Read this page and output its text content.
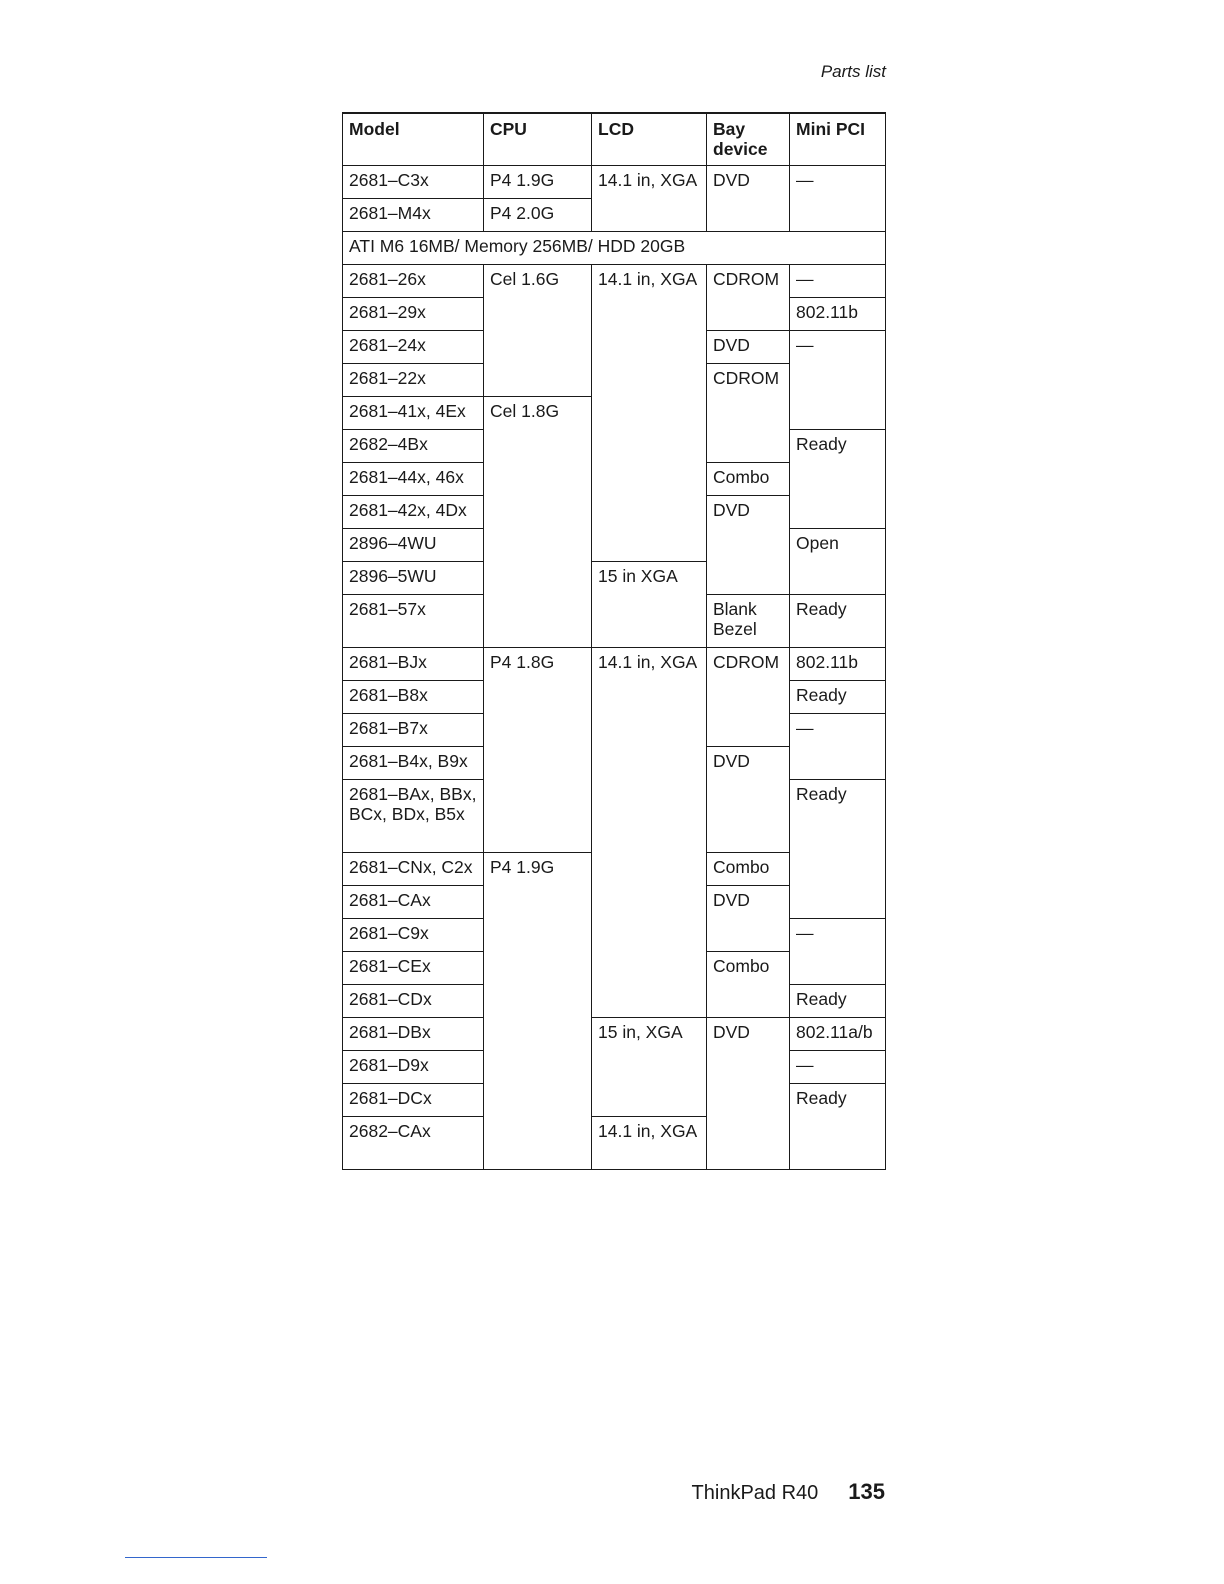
Parts list
Model	CPU	LCD	Bay device	Mini PCI
2681–C3x	P4 1.9G	14.1 in, XGA	DVD	—
2681–M4x	P4 2.0G			
ATI M6 16MB/ Memory 256MB/ HDD 20GB				
2681–26x	Cel 1.6G	14.1 in, XGA	CDROM	—
2681–29x				802.11b
2681–24x			DVD	—
2681–22x			CDROM	
2681–41x, 4Ex	Cel 1.8G			
2682–4Bx				Ready
2681–44x, 46x			Combo	
2681–42x, 4Dx			DVD	
2896–4WU				Open
2896–5WU		15 in XGA		
2681–57x			Blank Bezel	Ready
2681–BJx	P4 1.8G	14.1 in, XGA	CDROM	802.11b
2681–B8x				Ready
2681–B7x				—
2681–B4x, B9x			DVD	
2681–BAx, BBx, BCx, BDx, B5x				Ready
2681–CNx, C2x	P4 1.9G		Combo	
2681–CAx			DVD	
2681–C9x				—
2681–CEx			Combo	
2681–CDx				Ready
2681–DBx		15 in, XGA	DVD	802.11a/b
2681–D9x				—
2681–DCx				Ready
2682–CAx		14.1 in, XGA		
ThinkPad R40 135
